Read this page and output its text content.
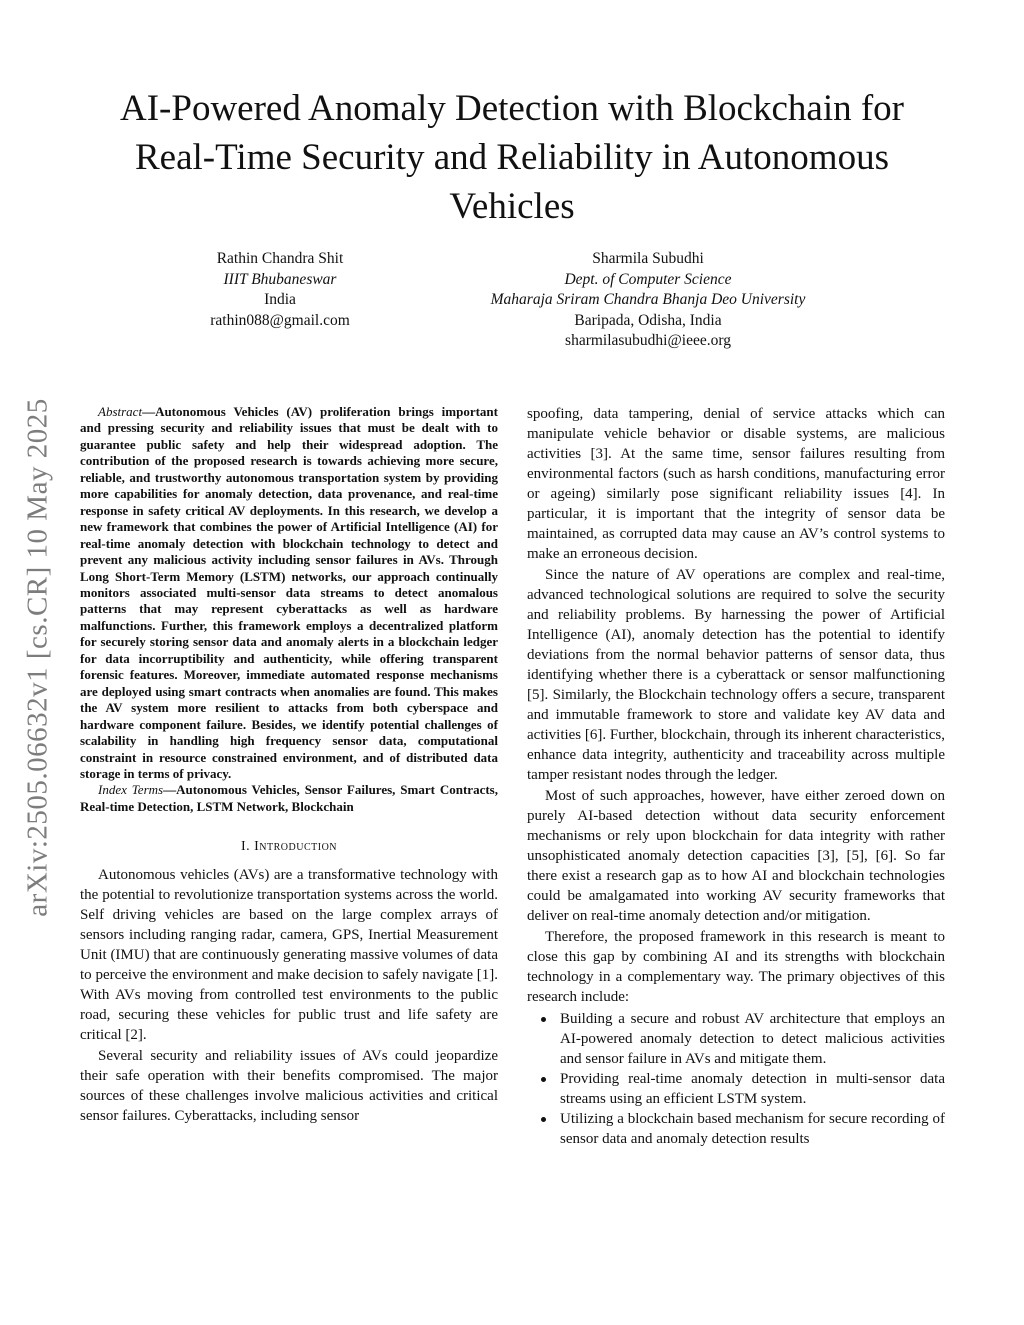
arXiv:2505.06632v1 [cs.CR] 10 May 2025
AI-Powered Anomaly Detection with Blockchain for Real-Time Security and Reliability in Autonomous Vehicles
Rathin Chandra Shit
IIIT Bhubaneswar
India
rathin088@gmail.com
Sharmila Subudhi
Dept. of Computer Science
Maharaja Sriram Chandra Bhanja Deo University
Baripada, Odisha, India
sharmilasubudhi@ieee.org

Abstract—Autonomous Vehicles (AV) proliferation brings important and pressing security and reliability issues that must be dealt with to guarantee public safety and help their widespread adoption. The contribution of the proposed research is towards achieving more secure, reliable, and trustworthy autonomous transportation system by providing more capabilities for anomaly detection, data provenance, and real-time response in safety critical AV deployments. In this research, we develop a new framework that combines the power of Artificial Intelligence (AI) for real-time anomaly detection with blockchain technology to detect and prevent any malicious activity including sensor failures in AVs. Through Long Short-Term Memory (LSTM) networks, our approach continually monitors associated multi-sensor data streams to detect anomalous patterns that may represent cyberattacks as well as hardware malfunctions. Further, this framework employs a decentralized platform for securely storing sensor data and anomaly alerts in a blockchain ledger for data incorruptibility and authenticity, while offering transparent forensic features. Moreover, immediate automated response mechanisms are deployed using smart contracts when anomalies are found. This makes the AV system more resilient to attacks from both cyberspace and hardware component failure. Besides, we identify potential challenges of scalability in handling high frequency sensor data, computational constraint in resource constrained environment, and of distributed data storage in terms of privacy.

Index Terms—Autonomous Vehicles, Sensor Failures, Smart Contracts, Real-time Detection, LSTM Network, Blockchain

I. Introduction

Autonomous vehicles (AVs) are a transformative technology with the potential to revolutionize transportation systems across the world. Self driving vehicles are based on the large complex arrays of sensors including ranging radar, camera, GPS, Inertial Measurement Unit (IMU) that are continuously generating massive volumes of data to perceive the environment and make decision to safely navigate [1]. With AVs moving from controlled test environments to the public road, securing these vehicles for public trust and life safety are critical [2].

Several security and reliability issues of AVs could jeopardize their safe operation with their benefits compromised. The major sources of these challenges involve malicious activities and critical sensor failures. Cyberattacks, including sensor

spoofing, data tampering, denial of service attacks which can manipulate vehicle behavior or disable systems, are malicious activities [3]. At the same time, sensor failures resulting from environmental factors (such as harsh conditions, manufacturing error or ageing) similarly pose significant reliability issues [4]. In particular, it is important that the integrity of sensor data be maintained, as corrupted data may cause an AV’s control systems to make an erroneous decision.

Since the nature of AV operations are complex and real-time, advanced technological solutions are required to solve the security and reliability problems. By harnessing the power of Artificial Intelligence (AI), anomaly detection has the potential to identify deviations from the normal behavior patterns of sensor data, thus identifying whether there is a cyberattack or sensor malfunctioning [5]. Similarly, the Blockchain technology offers a secure, transparent and immutable framework to store and validate key AV data and activities [6]. Further, blockchain, through its inherent characteristics, enhance data integrity, authenticity and traceability across multiple tamper resistant nodes through the ledger.

Most of such approaches, however, have either zeroed down on purely AI-based detection without data security enforcement mechanisms or rely upon blockchain for data integrity with rather unsophisticated anomaly detection capacities [3], [5], [6]. So far there exist a research gap as to how AI and blockchain technologies could be amalgamated into working AV security frameworks that deliver on real-time anomaly detection and/or mitigation.

Therefore, the proposed framework in this research is meant to close this gap by combining AI and its strengths with blockchain technology in a complementary way. The primary objectives of this research include:

Building a secure and robust AV architecture that employs an AI-powered anomaly detection to detect malicious activities and sensor failure in AVs and mitigate them.
Providing real-time anomaly detection in multi-sensor data streams using an efficient LSTM system.
Utilizing a blockchain based mechanism for secure recording of sensor data and anomaly detection results
